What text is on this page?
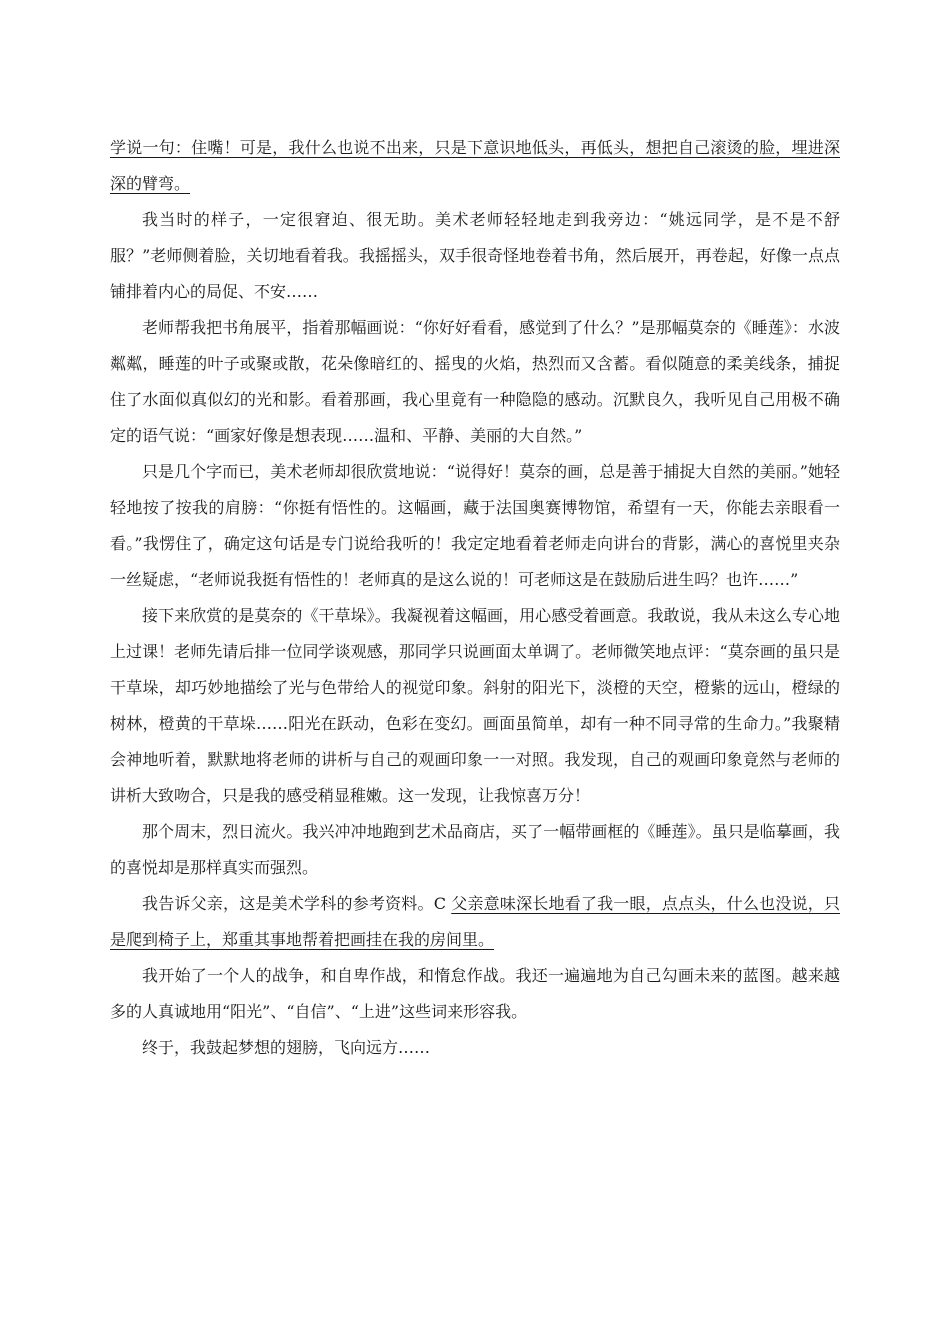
学说一句：住嘴！可是，我什么也说不出来，只是下意识地低头，再低头，想把自己滚烫的脸，埋进深深的臂弯。

我当时的样子，一定很窘迫、很无助。美术老师轻轻地走到我旁边：“姚远同学，是不是不舒服？”老师侧着脸，关切地看着我。我摇摇头，双手很奇怪地卷着书角，然后展开，再卷起，好像一点点铺排着内心的局促、不安……

老师帮我把书角展平，指着那幅画说：“你好好看看，感觉到了什么？”是那幅莫奈的《睡莲》：水波粼粼，睡莲的叶子或聚或散，花朵像暗红的、摇曳的火焰，热烈而又含蓄。看似随意的柔美线条，捕捉住了水面似真似幻的光和影。看着那画，我心里竟有一种隐隐的感动。沉默良久，我听见自己用极不确定的语气说：“画家好像是想表现……温和、平静、美丽的大自然。”

只是几个字而已，美术老师却很欣赏地说：“说得好！莫奈的画，总是善于捕捉大自然的美丽。”她轻轻地按了按我的肩膀：“你挺有悟性的。这幅画，藏于法国奥赛博物馆，希望有一天，你能去亲眼看一看。”我愣住了，确定这句话是专门说给我听的！我定定地看着老师走向讲台的背影，满心的喜悦里夹杂一丝疑虑，“老师说我挺有悟性的！老师真的是这么说的！可老师这是在鼓励后进生吗？也许……”

接下来欣赏的是莫奈的《干草垛》。我凝视着这幅画，用心感受着画意。我敢说，我从未这么专心地上过课！老师先请后排一位同学谈观感，那同学只说画面太单调了。老师微笑地点评：“莫奈画的虽只是干草垛，却巧妙地描绘了光与色带给人的视觉印象。斜射的阳光下，淡橙的天空，橙紫的远山，橙绿的树林，橙黄的干草垛……阳光在跃动，色彩在变幻。画面虽简单，却有一种不同寻常的生命力。”我聚精会神地听着，默默地将老师的讲析与自己的观画印象一一对照。我发现，自己的观画印象竟然与老师的讲析大致吻合，只是我的感受稍显稚嫩。这一发现，让我惊喜万分！

那个周末，烈日流火。我兴冲冲地跑到艺术品商店，买了一幅带画框的《睡莲》。虽只是临摹画，我的喜悦却是那样真实而强烈。

我告诉父亲，这是美术学科的参考资料。C 父亲意味深长地看了我一眼，点点头，什么也没说，只是爬到椅子上，郑重其事地帮着把画挂在我的房间里。

我开始了一个人的战争，和自卑作战，和惰怠作战。我还一遍遍地为自己勾画未来的蓝图。越来越多的人真诚地用“阳光”、“自信”、“上进”这些词来形容我。

终于，我鼓起梦想的翅膀，飞向远方……
